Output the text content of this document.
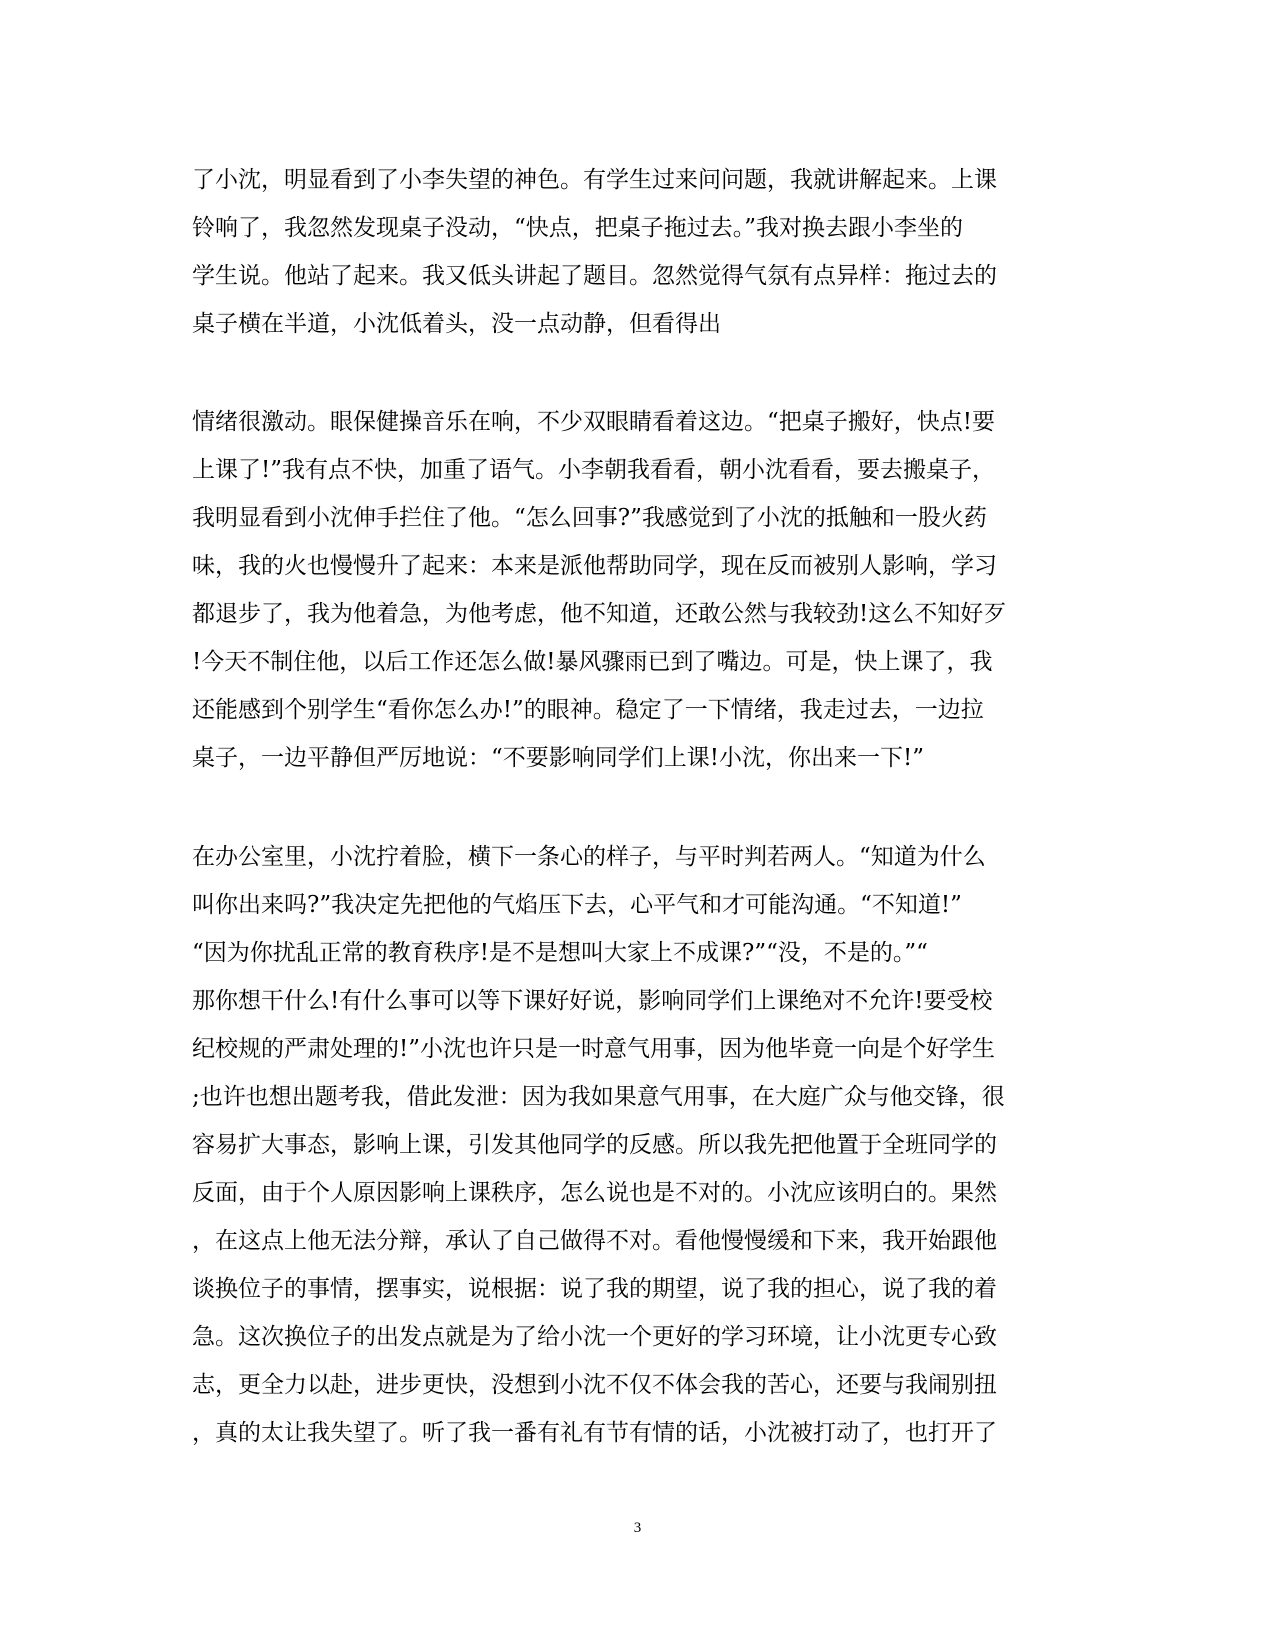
了小沈，明显看到了小李失望的神色。有学生过来问问题，我就讲解起来。上课
铃响了，我忽然发现桌子没动，“快点，把桌子拖过去。”我对换去跟小李坐的
学生说。他站了起来。我又低头讲起了题目。忽然觉得气氛有点异样：拖过去的
桌子横在半道，小沈低着头，没一点动静，但看得出
情绪很激动。眼保健操音乐在响，不少双眼睛看着这边。“把桌子搬好，快点!要
上课了!”我有点不快，加重了语气。小李朝我看看，朝小沈看看，要去搬桌子，
我明显看到小沈伸手拦住了他。“怎么回事?”我感觉到了小沈的抵触和一股火药
味，我的火也慢慢升了起来：本来是派他帮助同学，现在反而被别人影响，学习
都退步了，我为他着急，为他考虑，他不知道，还敢公然与我较劲!这么不知好歹
!今天不制住他，以后工作还怎么做!暴风骤雨已到了嘴边。可是，快上课了，我
还能感到个别学生“看你怎么办!”的眼神。稳定了一下情绪，我走过去，一边拉
桌子，一边平静但严厉地说：“不要影响同学们上课!小沈，你出来一下!”
在办公室里，小沈拧着脸，横下一条心的样子，与平时判若两人。“知道为什么
叫你出来吗?”我决定先把他的气焰压下去，心平气和才可能沟通。“不知道!”
“因为你扰乱正常的教育秩序!是不是想叫大家上不成课?”“没，不是的。”“
那你想干什么!有什么事可以等下课好好说，影响同学们上课绝对不允许!要受校
纪校规的严肃处理的!”小沈也许只是一时意气用事，因为他毕竟一向是个好学生
;也许也想出题考我，借此发泄：因为我如果意气用事，在大庭广众与他交锋，很
容易扩大事态，影响上课，引发其他同学的反感。所以我先把他置于全班同学的
反面，由于个人原因影响上课秩序，怎么说也是不对的。小沈应该明白的。果然
，在这点上他无法分辩，承认了自己做得不对。看他慢慢缓和下来，我开始跟他
谈换位子的事情，摆事实，说根据：说了我的期望，说了我的担心，说了我的着
急。这次换位子的出发点就是为了给小沈一个更好的学习环境，让小沈更专心致
志，更全力以赴，进步更快，没想到小沈不仅不体会我的苦心，还要与我闹别扭
，真的太让我失望了。听了我一番有礼有节有情的话，小沈被打动了，也打开了
3
